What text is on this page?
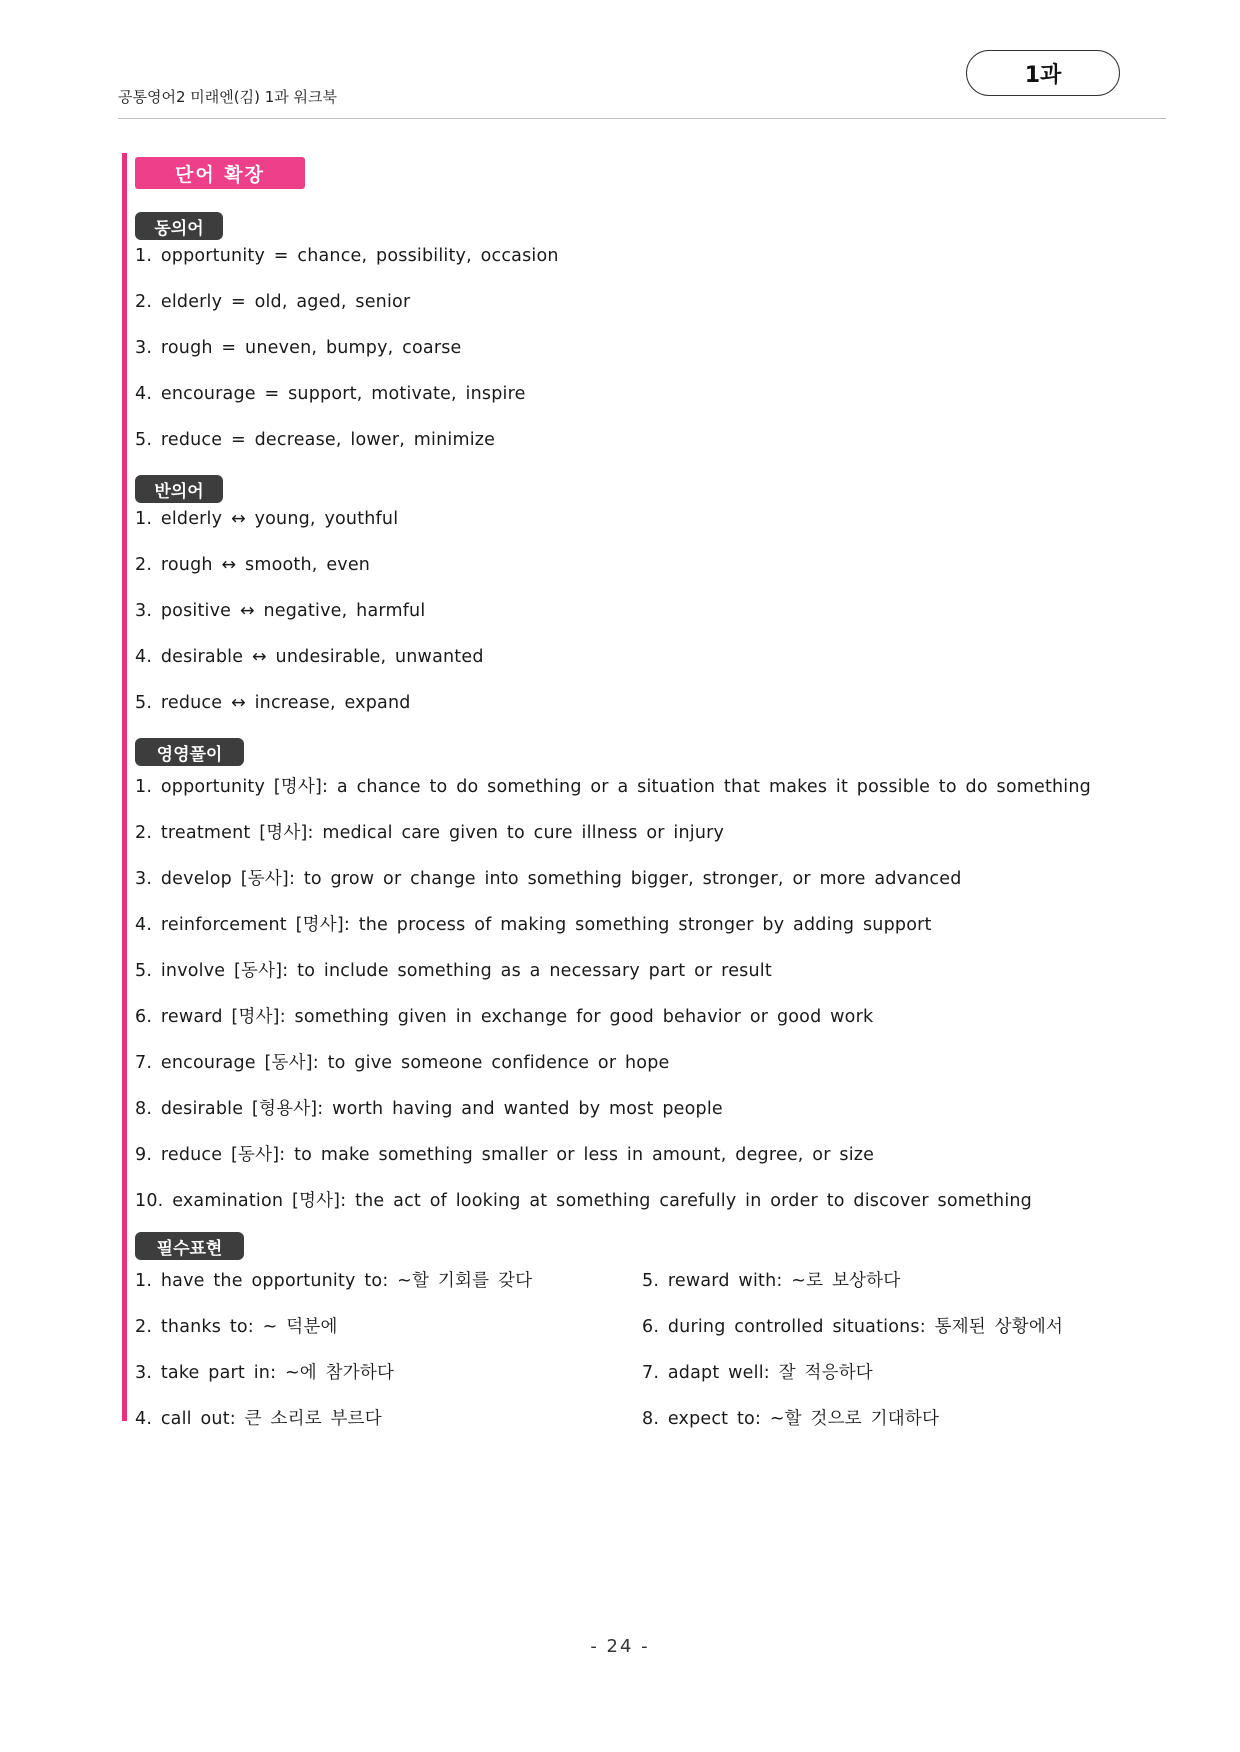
공통영어2 미래엔(김) 1과 워크북
1과
단어 확장
동의어
1. opportunity = chance, possibility, occasion
2. elderly = old, aged, senior
3. rough = uneven, bumpy, coarse
4. encourage = support, motivate, inspire
5. reduce = decrease, lower, minimize
반의어
1. elderly ↔ young, youthful
2. rough ↔ smooth, even
3. positive ↔ negative, harmful
4. desirable ↔ undesirable, unwanted
5. reduce ↔ increase, expand
영영풀이
1. opportunity [명사]: a chance to do something or a situation that makes it possible to do something
2. treatment [명사]: medical care given to cure illness or injury
3. develop [동사]: to grow or change into something bigger, stronger, or more advanced
4. reinforcement [명사]: the process of making something stronger by adding support
5. involve [동사]: to include something as a necessary part or result
6. reward [명사]: something given in exchange for good behavior or good work
7. encourage [동사]: to give someone confidence or hope
8. desirable [형용사]: worth having and wanted by most people
9. reduce [동사]: to make something smaller or less in amount, degree, or size
10. examination [명사]: the act of looking at something carefully in order to discover something
필수표현
1. have the opportunity to: ~할 기회를 갖다
2. thanks to: ~ 덕분에
3. take part in: ~에 참가하다
4. call out: 큰 소리로 부르다
5. reward with: ~로 보상하다
6. during controlled situations: 통제된 상황에서
7. adapt well: 잘 적응하다
8. expect to: ~할 것으로 기대하다
- 24 -
